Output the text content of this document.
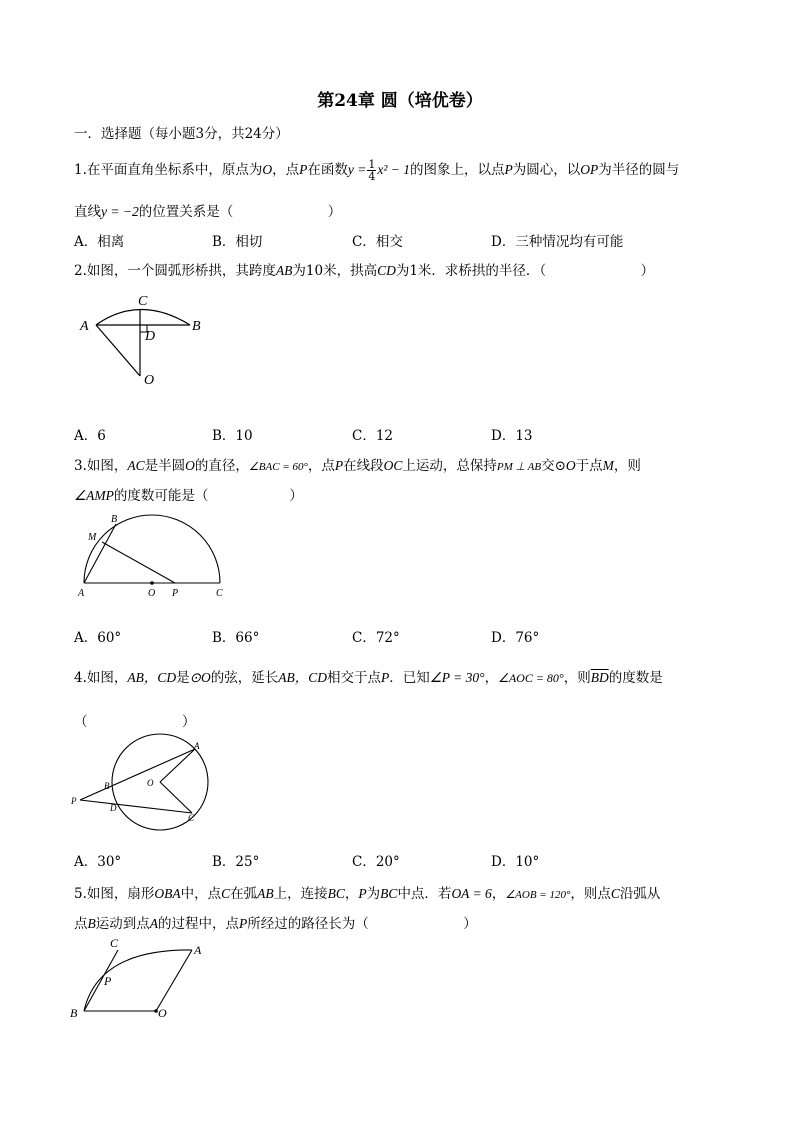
第24章 圆（培优卷）
一．选择题（每小题3分，共24分）
1.在平面直角坐标系中，原点为O，点P在函数$y = \frac{1}{4} x^2 - 1$的图象上，以点P为圆心，以OP为半径的圆与
直线y = −2的位置关系是（　　　　　　　）
A．相离	B．相切	C．相交	D．三种情况均有可能
2.如图，一个圆弧形桥拱，其跨度AB为10米，拱高CD为1米．求桥拱的半径．（　　　　　　　）
C
A	B
D
O
A．6	B．10	C．12	D．13
3.如图，AC是半圆O的直径，∠BAC = 60°，点P在线段OC上运动，总保持PM ⊥ AB交⊙O于点M，则
∠AMP的度数可能是（　　　　　　）
B
M
A	O P	C
A．60°	B．66°	C．72°	D．76°
4.如图，AB，CD是⊙O的弦，延长AB，CD相交于点P．已知∠P = 30°，∠AOC = 80°，则$\overline{BD}$的度数是
（　　　　　　　）
A
B
C
D
O
P
A．30°	B．25°	C．20°	D．10°
5.如图，扇形OBA中，点C在弧AB上，连接BC，P为BC中点．若OA = 6，∠AOB = 120°，则点C沿弧从
点B运动到点A的过程中，点P所经过的路径长为（　　　　　　　）
C	A
P
B	O
